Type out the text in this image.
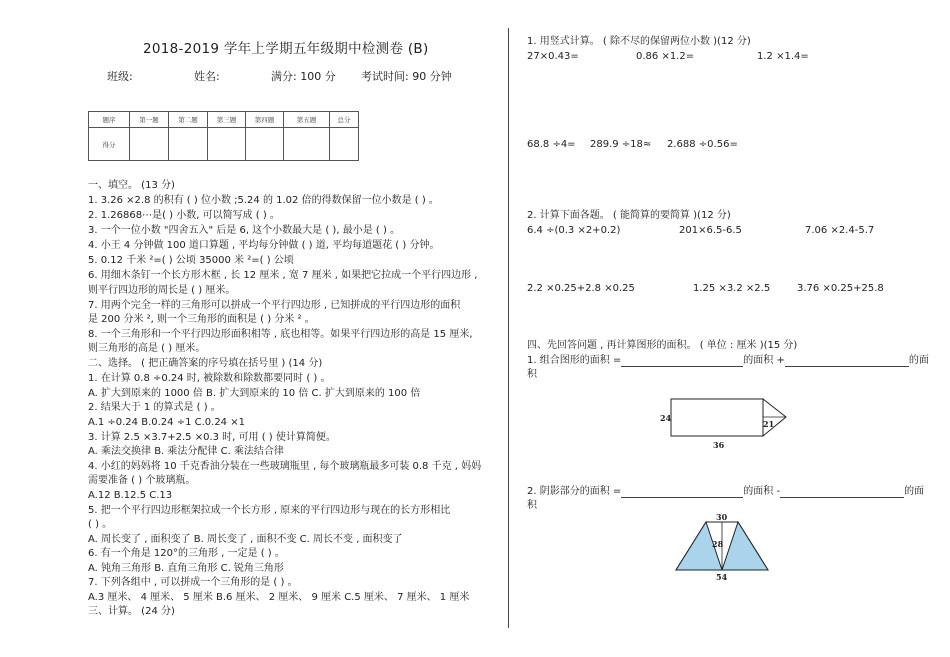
2018-2019 学年上学期五年级期中检测卷 (B)
班级:	姓名:	满分: 100 分 考试时间: 90 分钟
题序	第一题	第二题	第三题	第四题	第五题	总分
得分						
一、填空。 (13 分)
1. 3.26 ×2.8 的积有 ( ) 位小数 ;5.24 的 1.02 倍的得数保留一位小数是 ( ) 。
2. 1.26868⋯是( ) 小数, 可以简写成 ( ) 。
3. 一个一位小数 "四舍五入" 后是 6, 这个小数最大是 ( ), 最小是 ( ) 。
4. 小王 4 分钟做 100 道口算题 , 平均每分钟做 ( ) 道, 平均每道题花 ( ) 分钟。
5. 0.12 千米 ²=( ) 公顷 35000 米 ²=( ) 公顷
6. 用细木条钉一个长方形木框 , 长 12 厘米 , 宽 7 厘米 , 如果把它拉成一个平行四边形 ,
则平行四边形的周长是 ( ) 厘米。
7. 用两个完全一样的三角形可以拼成一个平行四边形 , 已知拼成的平行四边形的面积
是 200 分米 ², 则一个三角形的面积是 ( ) 分米 ² 。
8. 一个三角形和一个平行四边形面积相等 , 底也相等。如果平行四边形的高是 15 厘米,
则三角形的高是 ( ) 厘米。
二、选择。 ( 把正确答案的序号填在括号里 ) (14 分)
1. 在计算 0.8 ÷0.24 时, 被除数和除数都要同时 ( ) 。
A. 扩大到原来的 1000 倍 B. 扩大到原来的 10 倍 C. 扩大到原来的 100 倍
2. 结果大于 1 的算式是 ( ) 。
A.1 ÷0.24 B.0.24 ÷1 C.0.24 ×1
3. 计算 2.5 ×3.7+2.5 ×0.3 时, 可用 ( ) 使计算简便。
A. 乘法交换律 B. 乘法分配律 C. 乘法结合律
4. 小红的妈妈将 10 千克香油分装在一些玻璃瓶里 , 每个玻璃瓶最多可装 0.8 千克 , 妈妈
需要准备 ( ) 个玻璃瓶。
A.12 B.12.5 C.13
5. 把一个平行四边形框架拉成一个长方形 , 原来的平行四边形与现在的长方形相比
( ) 。
A. 周长变了 , 面积变了 B. 周长变了 , 面积不变 C. 周长不变 , 面积变了
6. 有一个角是 120°的三角形 , 一定是 ( ) 。
A. 钝角三角形 B. 直角三角形 C. 锐角三角形
7. 下列各组中 , 可以拼成一个三角形的是 ( ) 。
A.3 厘米、 4 厘米、 5 厘米 B.6 厘米、 2 厘米、 9 厘米 C.5 厘米、 7 厘米、 1 厘米
三、计算。 (24 分)
1. 用竖式计算。 ( 除不尽的保留两位小数 )(12 分)
27×0.43=	0.86 ×1.2=	1.2 ×1.4=
68.8 ÷4= 289.9 ÷18≈ 2.688 ÷0.56=
2. 计算下面各题。 ( 能简算的要简算 )(12 分)
6.4 ÷(0.3 ×2+0.2)	201×6.5-6.5	7.06 ×2.4-5.7
2.2 ×0.25+2.8 ×0.25	1.25 ×3.2 ×2.5	3.76 ×0.25+25.8
四、先回答问题 , 再计算图形的面积。 ( 单位 : 厘米 )(15 分)
1. 组合图形的面积 =	的面积 +	的面
积
24
21
36
2. 阴影部分的面积 =	的面积 -	的面
积
30
28
54
